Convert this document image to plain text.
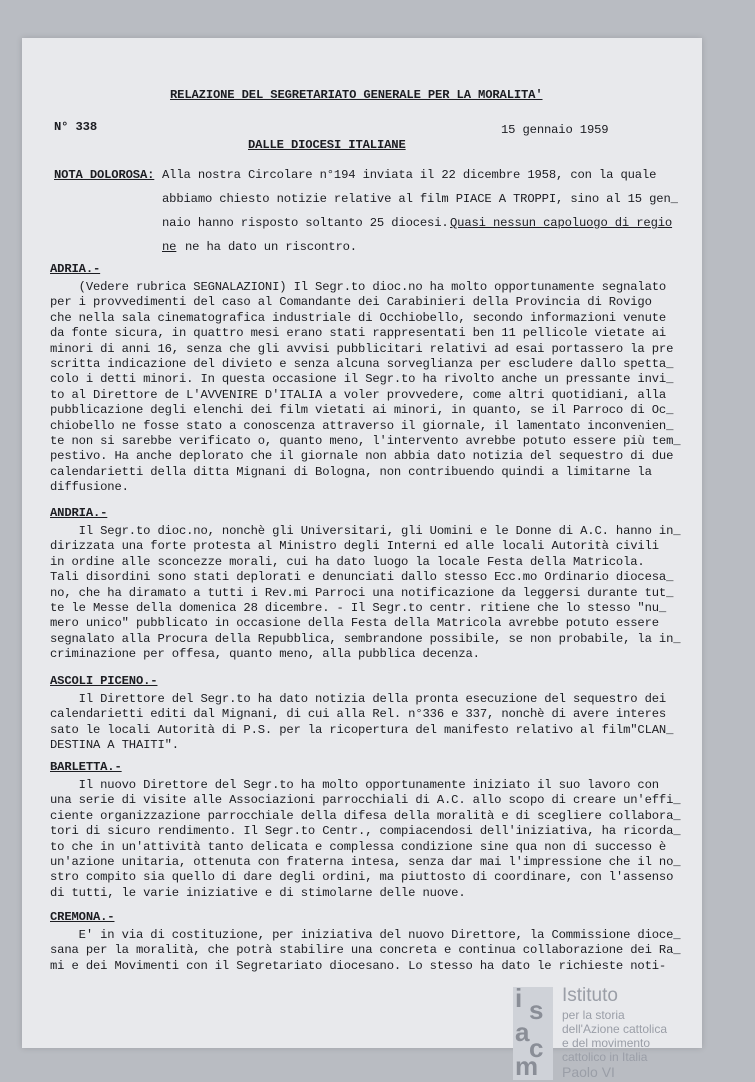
RELAZIONE DEL SEGRETARIATO GENERALE PER LA MORALITA'
N° 338	15 gennaio 1959
DALLE DIOCESI ITALIANE
NOTA DOLOROSA: Alla nostra Circolare n°194 inviata il 22 dicembre 1958, con la quale
abbiamo chiesto notizie relative al film PIACE A TROPPI, sino al 15 gen_
naio hanno risposto soltanto 25 diocesi. Quasi nessun capoluogo di regio
ne ne ha dato un riscontro.
ADRIA.-
(Vedere rubrica SEGNALAZIONI) Il Segr.to dioc.no ha molto opportunamente segnalato
per i provvedimenti del caso al Comandante dei Carabinieri della Provincia di Rovigo
che nella sala cinematografica industriale di Occhiobello, secondo informazioni venute
da fonte sicura, in quattro mesi erano stati rappresentati ben 11 pellicole vietate ai
minori di anni 16, senza che gli avvisi pubblicitari relativi ad esai portassero la pre
scritta indicazione del divieto e senza alcuna sorveglianza per escludere dallo spetta_
colo i detti minori. In questa occasione il Segr.to ha rivolto anche un pressante invi_
to al Direttore de L'AVVENIRE D'ITALIA a voler provvedere, come altri quotidiani, alla
pubblicazione degli elenchi dei film vietati ai minori, in quanto, se il Parroco di Oc_
chiobello ne fosse stato a conoscenza attraverso il giornale, il lamentato inconvenien_
te non si sarebbe verificato o, quanto meno, l'intervento avrebbe potuto essere più tem_
pestivo. Ha anche deplorato che il giornale non abbia dato notizia del sequestro di due
calendarietti della ditta Mignani di Bologna, non contribuendo quindi a limitarne la
diffusione.
ANDRIA.-
Il Segr.to dioc.no, nonchè gli Universitari, gli Uomini e le Donne di A.C. hanno in_
dirizzata una forte protesta al Ministro degli Interni ed alle locali Autorità civili
in ordine alle sconcezze morali, cui ha dato luogo la locale Festa della Matricola.
Tali disordini sono stati deplorati e denunciati dallo stesso Ecc.mo Ordinario diocesa_
no, che ha diramato a tutti i Rev.mi Parroci una notificazione da leggersi durante tut_
te le Messe della domenica 28 dicembre. - Il Segr.to centr. ritiene che lo stesso "nu_
mero unico" pubblicato in occasione della Festa della Matricola avrebbe potuto essere
segnalato alla Procura della Repubblica, sembrandone possibile, se non probabile, la in_
criminazione per offesa, quanto meno, alla pubblica decenza.
ASCOLI PICENO.-
Il Direttore del Segr.to ha dato notizia della pronta esecuzione del sequestro dei
calendarietti editi dal Mignani, di cui alla Rel. n°336 e 337, nonchè di avere interes
sato le locali Autorità di P.S. per la ricopertura del manifesto relativo al film"CLAN_
DESTINA A THAITI".
BARLETTA.-
Il nuovo Direttore del Segr.to ha molto opportunamente iniziato il suo lavoro con
una serie di visite alle Associazioni parrocchiali di A.C. allo scopo di creare un'effi_
ciente organizzazione parrocchiale della difesa della moralità e di scegliere collabora_
tori di sicuro rendimento. Il Segr.to Centr., compiacendosi dell'iniziativa, ha ricorda_
to che in un'attività tanto delicata e complessa condizione sine qua non di successo è
un'azione unitaria, ottenuta con fraterna intesa, senza dar mai l'impressione che il no_
stro compito sia quello di dare degli ordini, ma piuttosto di coordinare, con l'assenso
di tutti, le varie iniziative e di stimolarne delle nuove.
CREMONA.-
E' in via di costituzione, per iniziativa del nuovo Direttore, la Commissione dioce_
sana per la moralità, che potrà stabilire una concreta e continua collaborazione dei Ra_
mi e dei Movimenti con il Segretariato diocesano. Lo stesso ha dato le richieste noti-
i s
a
c
m
Istituto
per la storia
dell'Azione cattolica
e del movimento
cattolico in Italia
Paolo VI
